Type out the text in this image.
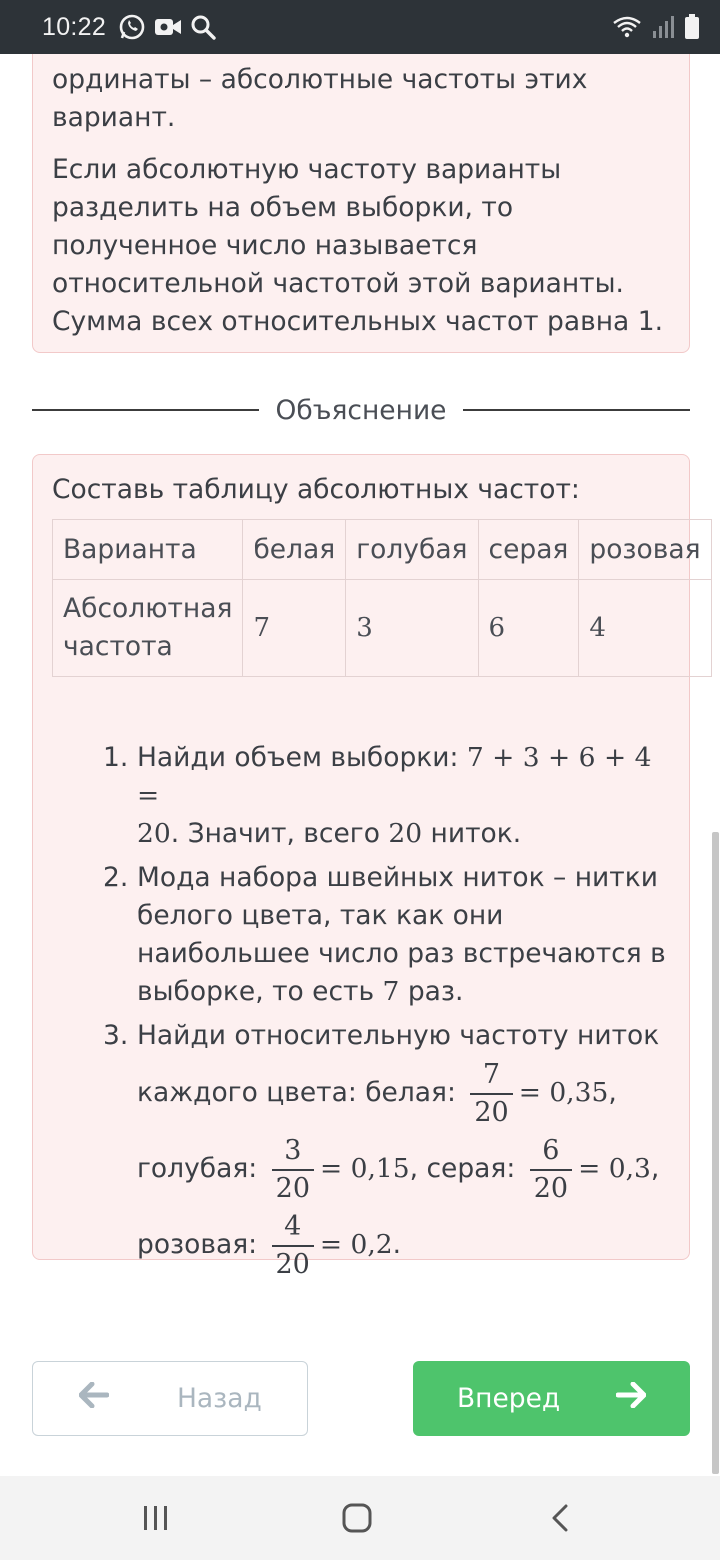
10:22

ординаты – абсолютные частоты этих вариант.

Если абсолютную частоту варианты разделить на объем выборки, то полученное число называется относительной частотой этой варианты. Сумма всех относительных частот равна 1.

Объяснение
Составь таблицу абсолютных частот:
Варианта	белая	голубая	серая	розовая
Абсолютная частота	7	3	6	4
1. Найди объем выборки: 7 + 3 + 6 + 4 =
20. Значит, всего 20 ниток.
2. Мода набора швейных ниток – нитки белого цвета, так как они наибольшее число раз встречаются в выборке, то есть 7 раз.
3. Найди относительную частоту ниток
каждого цвета: белая: $\frac{7}{20} = 0,35$,
голубая: $\frac{3}{20} = 0,15$, серая: $\frac{6}{20} = 0,3$,
розовая: $\frac{4}{20} = 0,2$.
Назад	Вперед
